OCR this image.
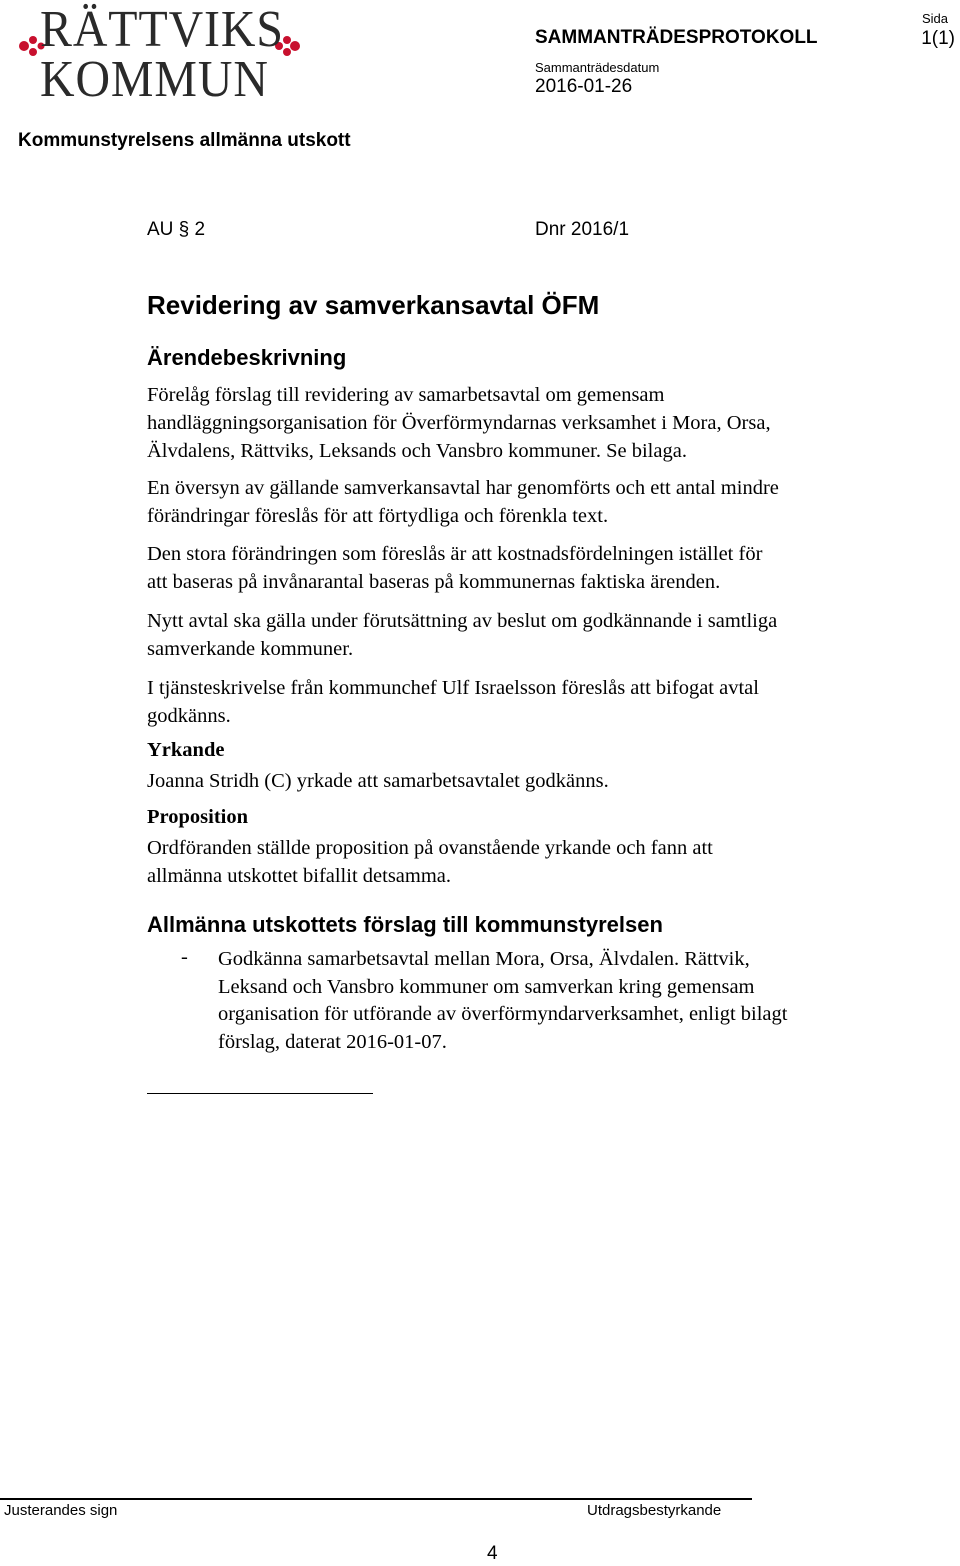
RÄTTVIKS
KOMMUN
SAMMANTRÄDESPROTOKOLL
Sammanträdesdatum
2016-01-26
Sida
1(1)
Kommunstyrelsens allmänna utskott
AU § 2	Dnr 2016/1
Revidering av samverkansavtal ÖFM
Ärendebeskrivning
Förelåg förslag till revidering av samarbetsavtal om gemensam
handläggningsorganisation för Överförmyndarnas verksamhet i Mora, Orsa,
Älvdalens, Rättviks, Leksands och Vansbro kommuner. Se bilaga.
En översyn av gällande samverkansavtal har genomförts och ett antal mindre
förändringar föreslås för att förtydliga och förenkla text.
Den stora förändringen som föreslås är att kostnadsfördelningen istället för
att baseras på invånarantal baseras på kommunernas faktiska ärenden.
Nytt avtal ska gälla under förutsättning av beslut om godkännande i samtliga
samverkande kommuner.
I tjänsteskrivelse från kommunchef Ulf Israelsson föreslås att bifogat avtal
godkänns.
Yrkande
Joanna Stridh (C) yrkade att samarbetsavtalet godkänns.
Proposition
Ordföranden ställde proposition på ovanstående yrkande och fann att
allmänna utskottet bifallit detsamma.
Allmänna utskottets förslag till kommunstyrelsen
- Godkänna samarbetsavtal mellan Mora, Orsa, Älvdalen. Rättvik,
Leksand och Vansbro kommuner om samverkan kring gemensam
organisation för utförande av överförmyndarverksamhet, enligt bilagt
förslag, daterat 2016-01-07.
Justerandes sign	Utdragsbestyrkande
4
